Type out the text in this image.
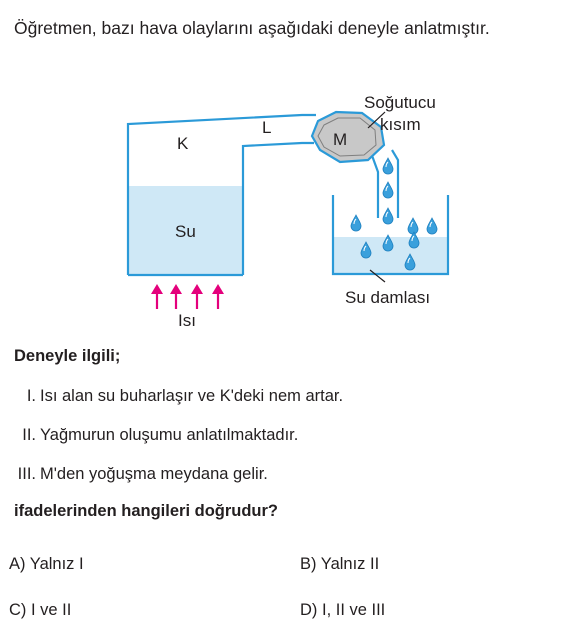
Öğretmen, bazı hava olaylarını aşağıdaki deneyle anlatmıştır.
K
L
M
Su
Soğutucu
kısım
Isı
Su damlası
Deneyle ilgili;
I. Isı alan su buharlaşır ve K'deki nem artar.
II. Yağmurun oluşumu anlatılmaktadır.
III. M'den yoğuşma meydana gelir.
ifadelerinden hangileri doğrudur?
A) Yalnız I	B) Yalnız II
C) I ve II	D) I, II ve III
